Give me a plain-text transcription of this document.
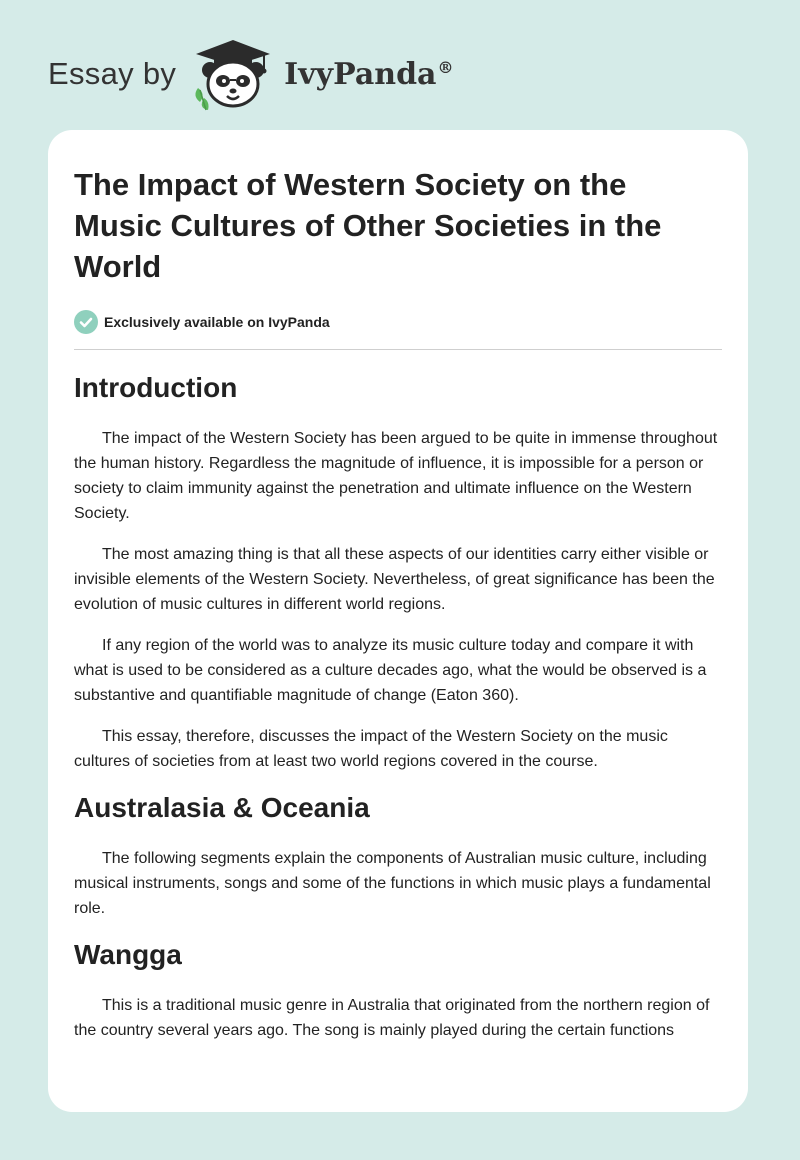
Essay by	IvyPanda®
The Impact of Western Society on the Music Cultures of Other Societies in the World
Exclusively available on IvyPanda
Introduction

The impact of the Western Society has been argued to be quite in immense throughout the human history. Regardless the magnitude of influence, it is impossible for a person or society to claim immunity against the penetration and ultimate influence on the Western Society.

The most amazing thing is that all these aspects of our identities carry either visible or invisible elements of the Western Society. Nevertheless, of great significance has been the evolution of music cultures in different world regions.

If any region of the world was to analyze its music culture today and compare it with what is used to be considered as a culture decades ago, what the would be observed is a substantive and quantifiable magnitude of change (Eaton 360).

This essay, therefore, discusses the impact of the Western Society on the music cultures of societies from at least two world regions covered in the course.

Australasia & Oceania

The following segments explain the components of Australian music culture, including musical instruments, songs and some of the functions in which music plays a fundamental role.

Wangga

This is a traditional music genre in Australia that originated from the northern region of the country several years ago. The song is mainly played during the certain functions
